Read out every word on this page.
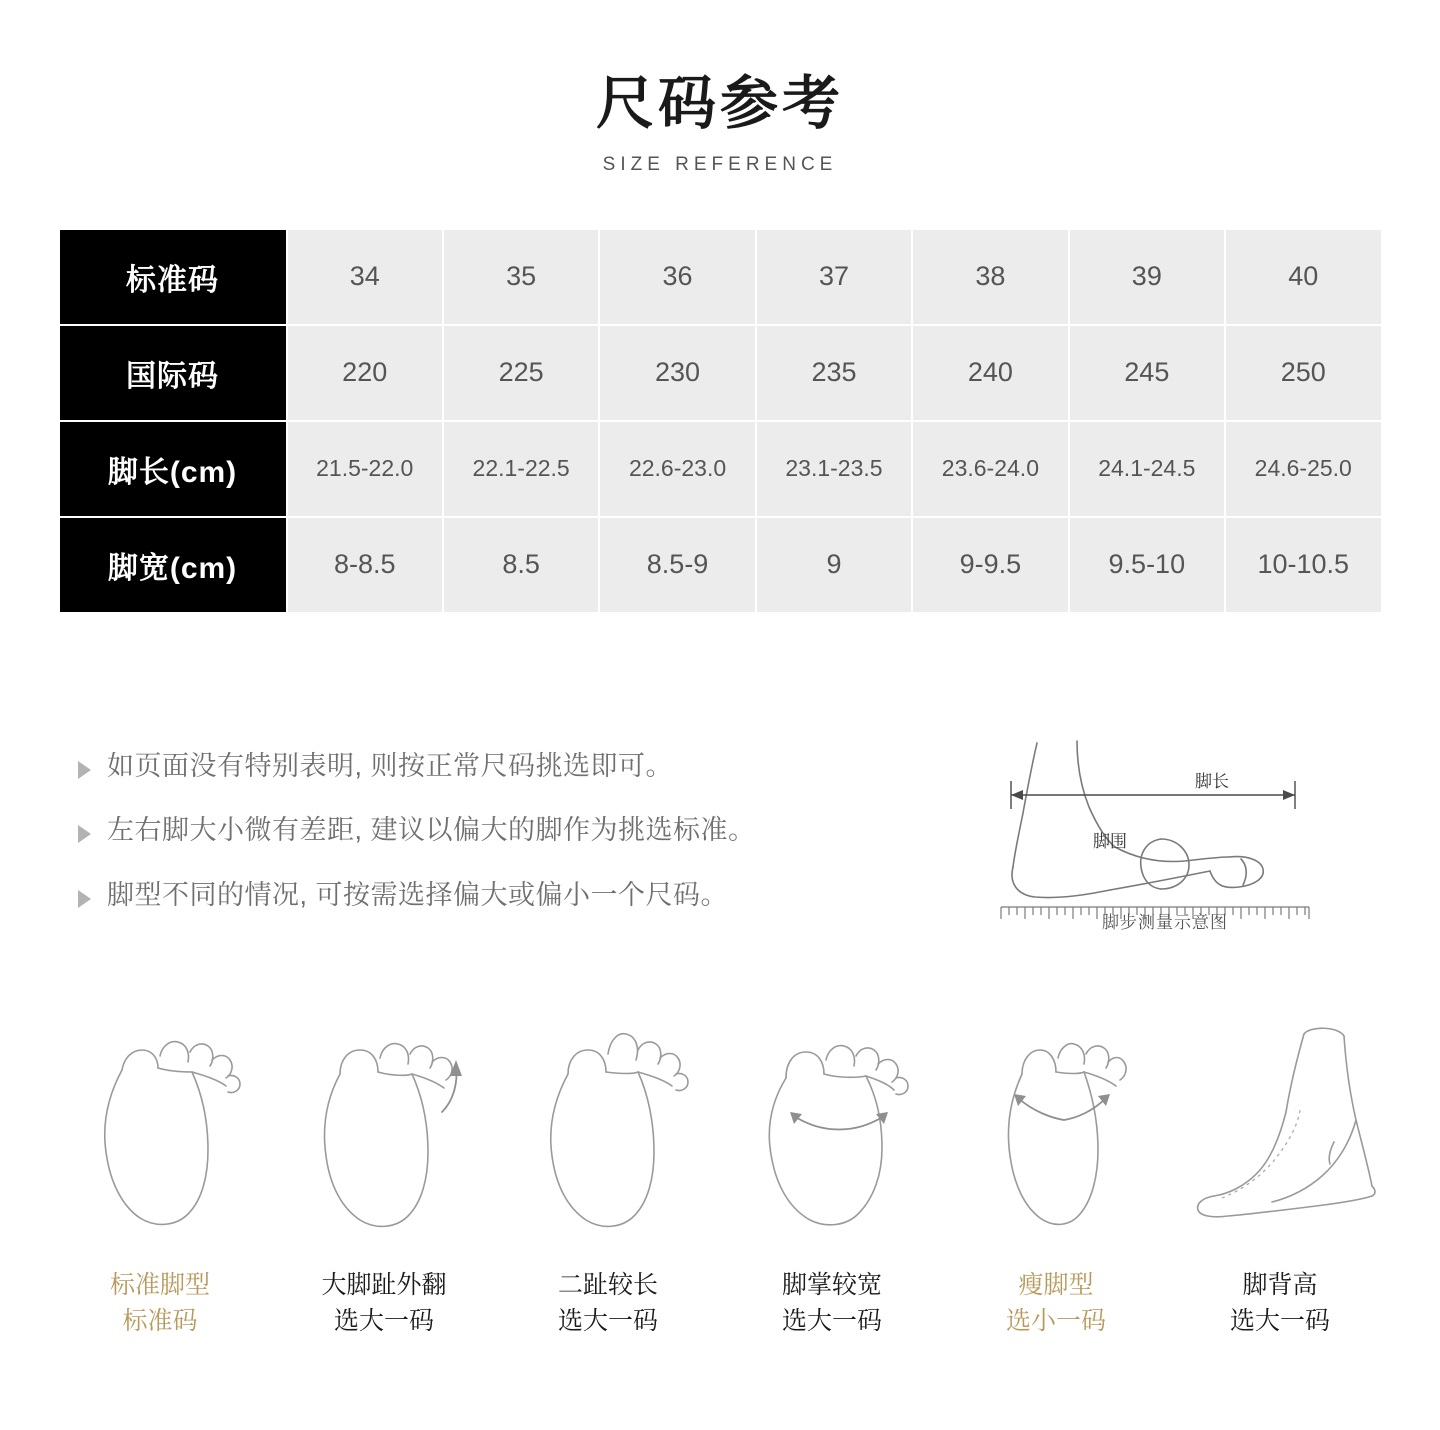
尺码参考
SIZE REFERENCE
标准码	34	35	36	37	38	39	40
国际码	220	225	230	235	240	245	250
脚长(cm)	21.5-22.0	22.1-22.5	22.6-23.0	23.1-23.5	23.6-24.0	24.1-24.5	24.6-25.0
脚宽(cm)	8-8.5	8.5	8.5-9	9	9-9.5	9.5-10	10-10.5
如页面没有特别表明, 则按正常尺码挑选即可。
左右脚大小微有差距, 建议以偏大的脚作为挑选标准。
脚型不同的情况, 可按需选择偏大或偏小一个尺码。
脚长
脚围
脚步测量示意图
标准脚型
标准码
大脚趾外翻
选大一码
二趾较长
选大一码
脚掌较宽
选大一码
瘦脚型
选小一码
脚背高
选大一码
